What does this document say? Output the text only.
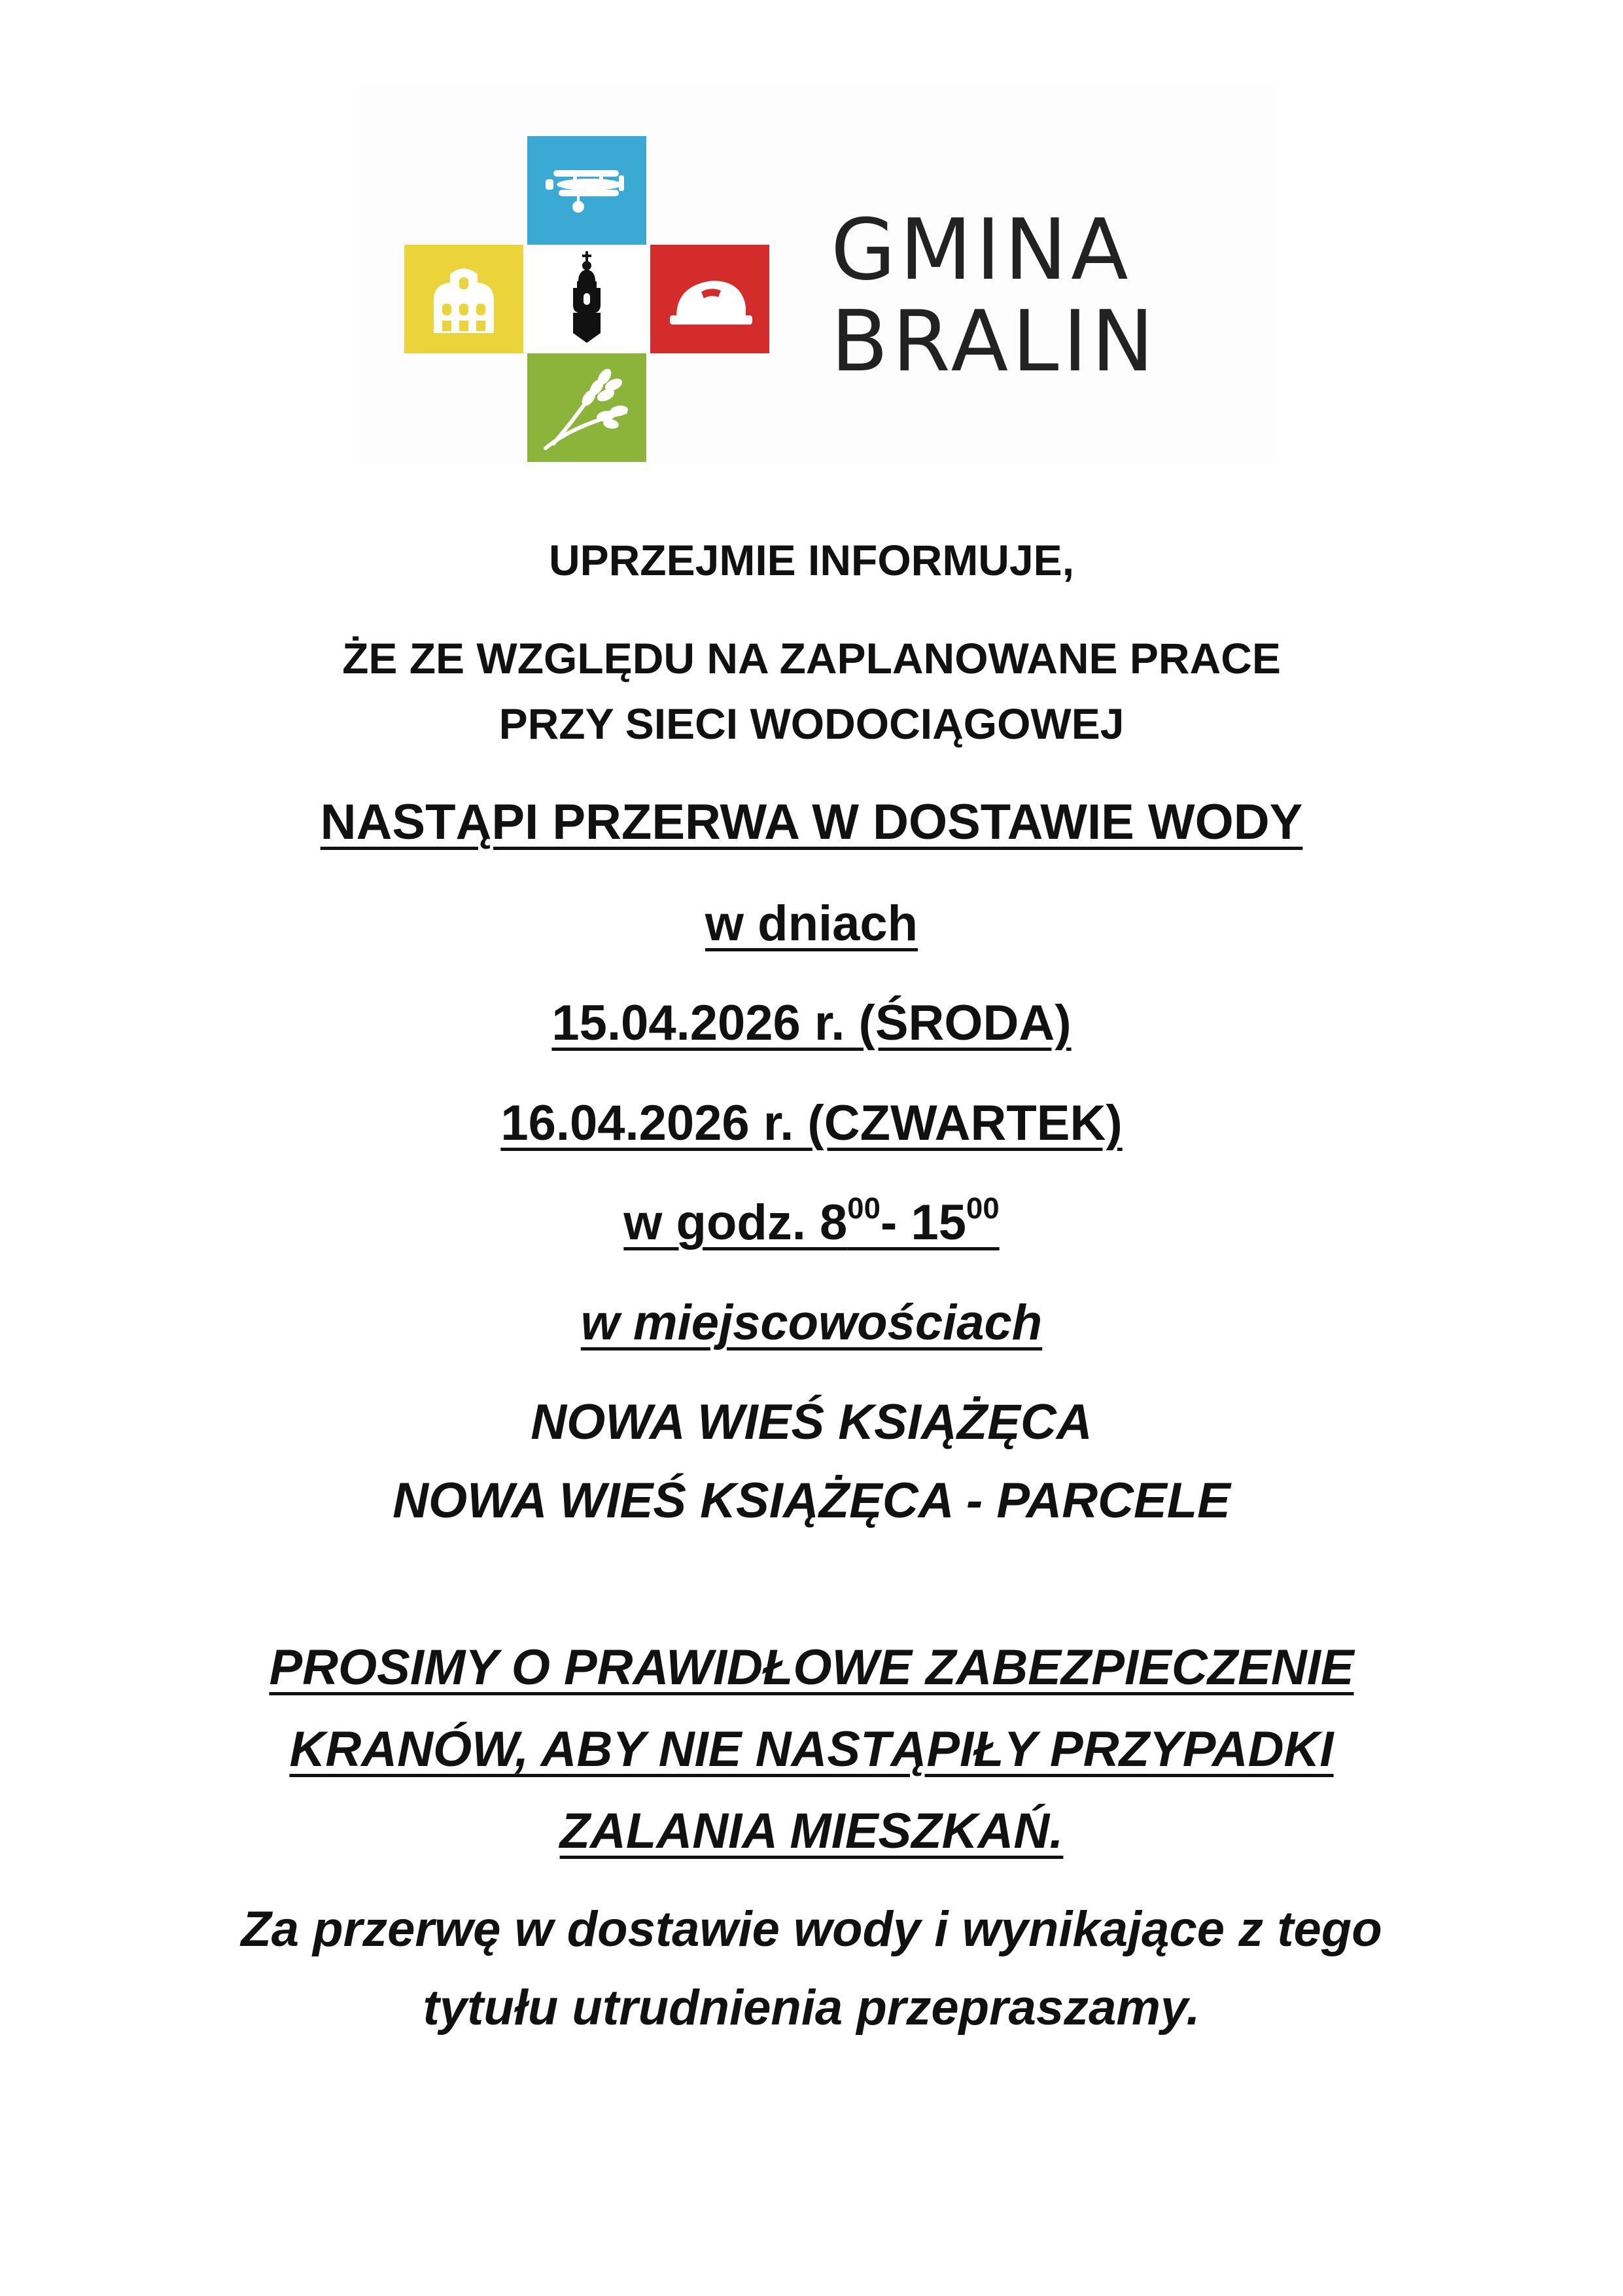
GMINA
BRALIN
UPRZEJMIE INFORMUJE,
ŻE ZE WZGLĘDU NA ZAPLANOWANE PRACE
PRZY SIECI WODOCIĄGOWEJ
NASTĄPI PRZERWA W DOSTAWIE WODY
w dniach
15.04.2026 r. (ŚRODA)
16.04.2026 r. (CZWARTEK)
w godz. $8^{00}-$ $15^{00}$
w miejscowościach
NOWA WIEŚ KSIĄŻĘCA
NOWA WIEŚ KSIĄŻĘCA - PARCELE
PROSIMY O PRAWIDŁOWE ZABEZPIECZENIE
KRANÓW, ABY NIE NASTĄPIŁY PRZYPADKI
ZALANIA MIESZKAŃ.
Za przerwę w dostawie wody i wynikające z tego
tytułu utrudnienia przepraszamy.
